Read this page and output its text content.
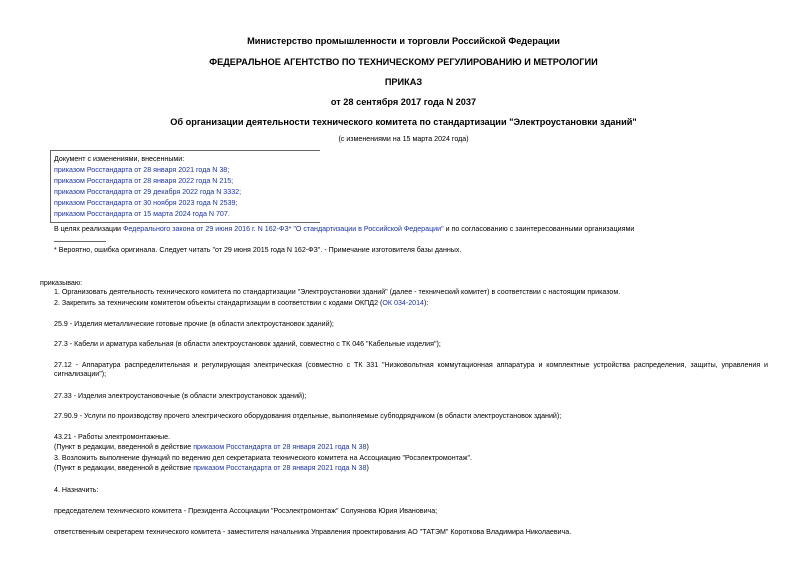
Министерство промышленности и торговли Российской Федерации
ФЕДЕРАЛЬНОЕ АГЕНТСТВО ПО ТЕХНИЧЕСКОМУ РЕГУЛИРОВАНИЮ И МЕТРОЛОГИИ
ПРИКАЗ
от 28 сентября 2017 года N 2037
Об организации деятельности технического комитета по стандартизации "Электроустановки зданий"
(с изменениями на 15 марта 2024 года)
Документ с изменениями, внесенными:
приказом Росстандарта от 28 января 2021 года N 38;
приказом Росстандарта от 28 января 2022 года N 215;
приказом Росстандарта от 29 декабря 2022 года N 3332;
приказом Росстандарта от 30 ноября 2023 года N 2539;
приказом Росстандарта от 15 марта 2024 года N 707.
В целях реализации Федерального закона от 29 июня 2016 г. N 162-ФЗ* "О стандартизации в Российской Федерации" и по согласованию с заинтересованными организациями
* Вероятно, ошибка оригинала. Следует читать "от 29 июня 2015 года N 162-ФЗ". - Примечание изготовителя базы данных.
приказываю:
1. Организовать деятельность технического комитета по стандартизации "Электроустановки зданий" (далее - технический комитет) в соответствии с настоящим приказом.
2. Закрепить за техническим комитетом объекты стандартизации в соответствии с кодами ОКПД2 (ОК 034-2014):
25.9 - Изделия металлические готовые прочие (в области электроустановок зданий);
27.3 - Кабели и арматура кабельная (в области электроустановок зданий, совместно с ТК 046 "Кабельные изделия");
27.12 - Аппаратура распределительная и регулирующая электрическая (совместно с ТК 331 "Низковольтная коммутационная аппаратура и комплектные устройства распределения, защиты, управления и сигнализации");
27.33 - Изделия электроустановочные (в области электроустановок зданий);
27.90.9 - Услуги по производству прочего электрического оборудования отдельные, выполняемые субподрядчиком (в области электроустановок зданий);
43.21 - Работы электромонтажные.
(Пункт в редакции, введенной в действие приказом Росстандарта от 28 января 2021 года N 38)
3. Возложить выполнение функций по ведению дел секретариата технического комитета на Ассоциацию "Росэлектромонтаж".
(Пункт в редакции, введенной в действие приказом Росстандарта от 28 января 2021 года N 38)
4. Назначить:
председателем технического комитета - Президента Ассоциации "Росэлектромонтаж" Солуянова Юрия Ивановича;
ответственным секретарем технического комитета - заместителя начальника Управления проектирования АО "ТАТЭМ" Короткова Владимира Николаевича.
